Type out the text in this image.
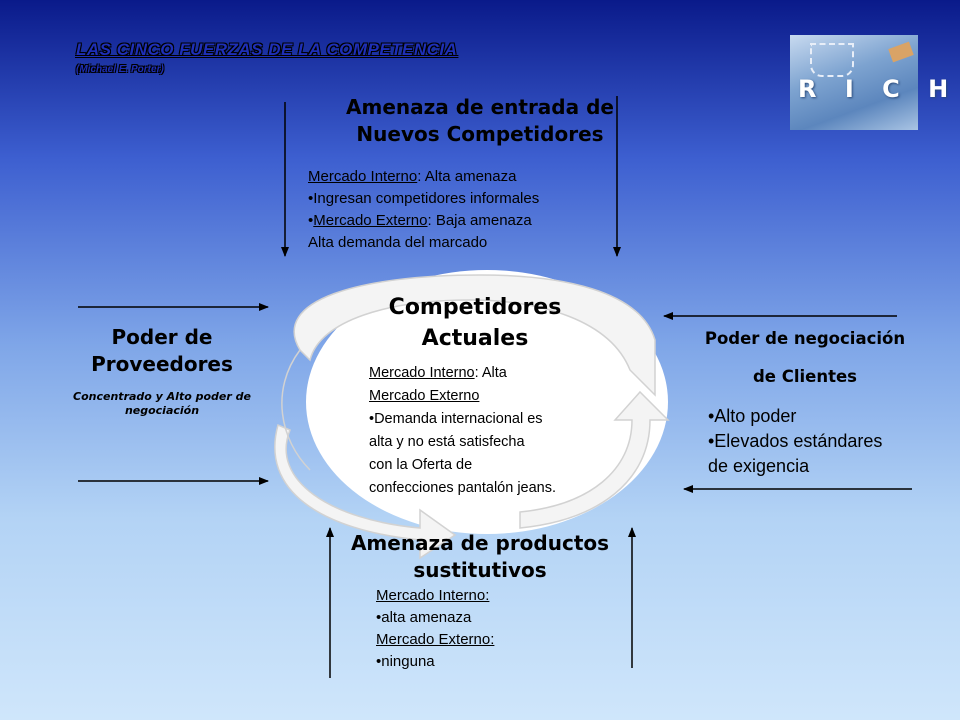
LAS CINCO FUERZAS DE LA COMPETENCIA
(Michael E. Porter)
R I C H
Amenaza de entrada de
Nuevos Competidores
Mercado Interno: Alta amenaza
•Ingresan competidores informales
•Mercado Externo: Baja amenaza
Alta demanda del marcado
Poder de
Proveedores
Concentrado y Alto poder de
negociación
Competidores
Actuales
Mercado Interno: Alta
Mercado Externo
•Demanda internacional es
alta y no está satisfecha
con la Oferta de
confecciones pantalón jeans.
Poder de negociación
de Clientes
•Alto poder
•Elevados estándares
de exigencia
Amenaza de productos
sustitutivos
Mercado Interno:
•alta amenaza
Mercado Externo:
•ninguna
